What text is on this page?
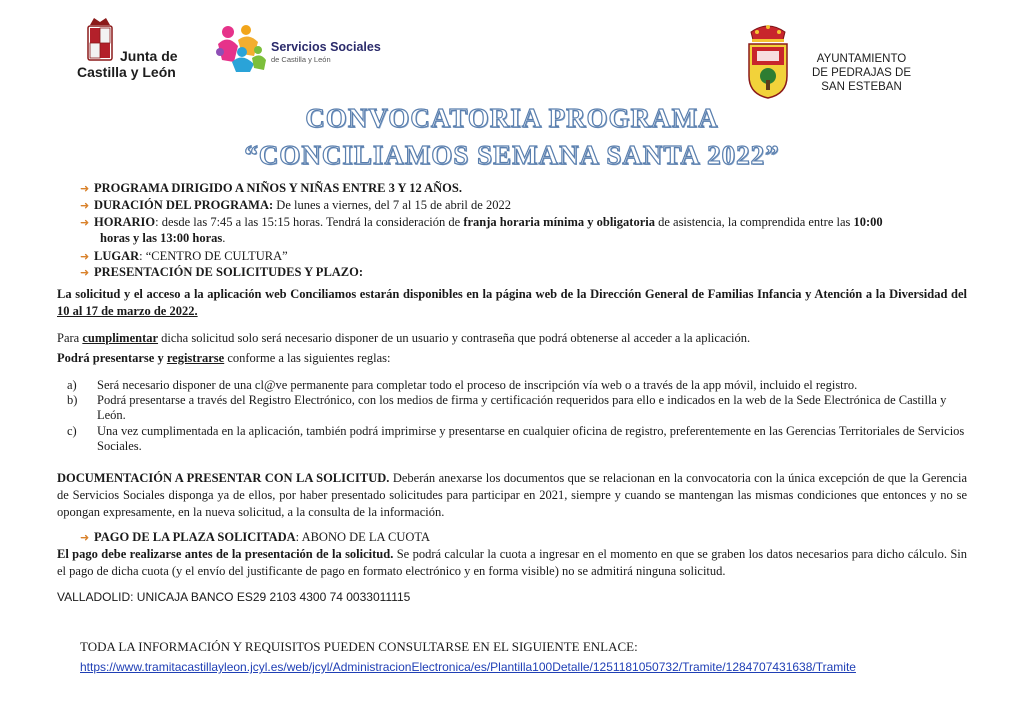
Junta de
Castilla y León
Servicios Sociales
de Castilla y León	AYUNTAMIENTO
DE PEDRAJAS DE
SAN ESTEBAN
CONVOCATORIA PROGRAMA
“CONCILIAMOS SEMANA SANTA 2022”
➜ PROGRAMA DIRIGIDO A NIÑOS Y NIÑAS ENTRE 3 Y 12 AÑOS.
➜ DURACIÓN DEL PROGRAMA: De lunes a viernes, del 7 al 15 de abril de 2022
➜ HORARIO: desde las 7:45 a las 15:15 horas. Tendrá la consideración de franja horaria mínima y obligatoria de asistencia, la comprendida entre las 10:00
horas y las 13:00 horas.
➜ LUGAR: “CENTRO DE CULTURA”
➜ PRESENTACIÓN DE SOLICITUDES Y PLAZO:
La solicitud y el acceso a la aplicación web Conciliamos estarán disponibles en la página web de la Dirección General de Familias Infancia y Atención a la Diversidad del 10 al 17 de marzo de 2022.
Para cumplimentar dicha solicitud solo será necesario disponer de un usuario y contraseña que podrá obtenerse al acceder a la aplicación.
Podrá presentarse y registrarse conforme a las siguientes reglas:
a) Será necesario disponer de una cl@ve permanente para completar todo el proceso de inscripción vía web o a través de la app móvil, incluido el registro.
b) Podrá presentarse a través del Registro Electrónico, con los medios de firma y certificación requeridos para ello e indicados en la web de la Sede Electrónica de Castilla y León.
c) Una vez cumplimentada en la aplicación, también podrá imprimirse y presentarse en cualquier oficina de registro, preferentemente en las Gerencias Territoriales de Servicios Sociales.
DOCUMENTACIÓN A PRESENTAR CON LA SOLICITUD. Deberán anexarse los documentos que se relacionan en la convocatoria con la única excepción de que la Gerencia de Servicios Sociales disponga ya de ellos, por haber presentado solicitudes para participar en 2021, siempre y cuando se mantengan las mismas condiciones que entonces y no se opongan expresamente, en la nueva solicitud, a la consulta de la información.
➜ PAGO DE LA PLAZA SOLICITADA: ABONO DE LA CUOTA
El pago debe realizarse antes de la presentación de la solicitud. Se podrá calcular la cuota a ingresar en el momento en que se graben los datos necesarios para dicho cálculo. Sin el pago de dicha cuota (y el envío del justificante de pago en formato electrónico y en forma visible) no se admitirá ninguna solicitud.
VALLADOLID: UNICAJA BANCO ES29 2103 4300 74 0033011115
TODA LA INFORMACIÓN Y REQUISITOS PUEDEN CONSULTARSE EN EL SIGUIENTE ENLACE:
https://www.tramitacastillayleon.jcyl.es/web/jcyl/AdministracionElectronica/es/Plantilla100Detalle/1251181050732/Tramite/1284707431638/Tramite
